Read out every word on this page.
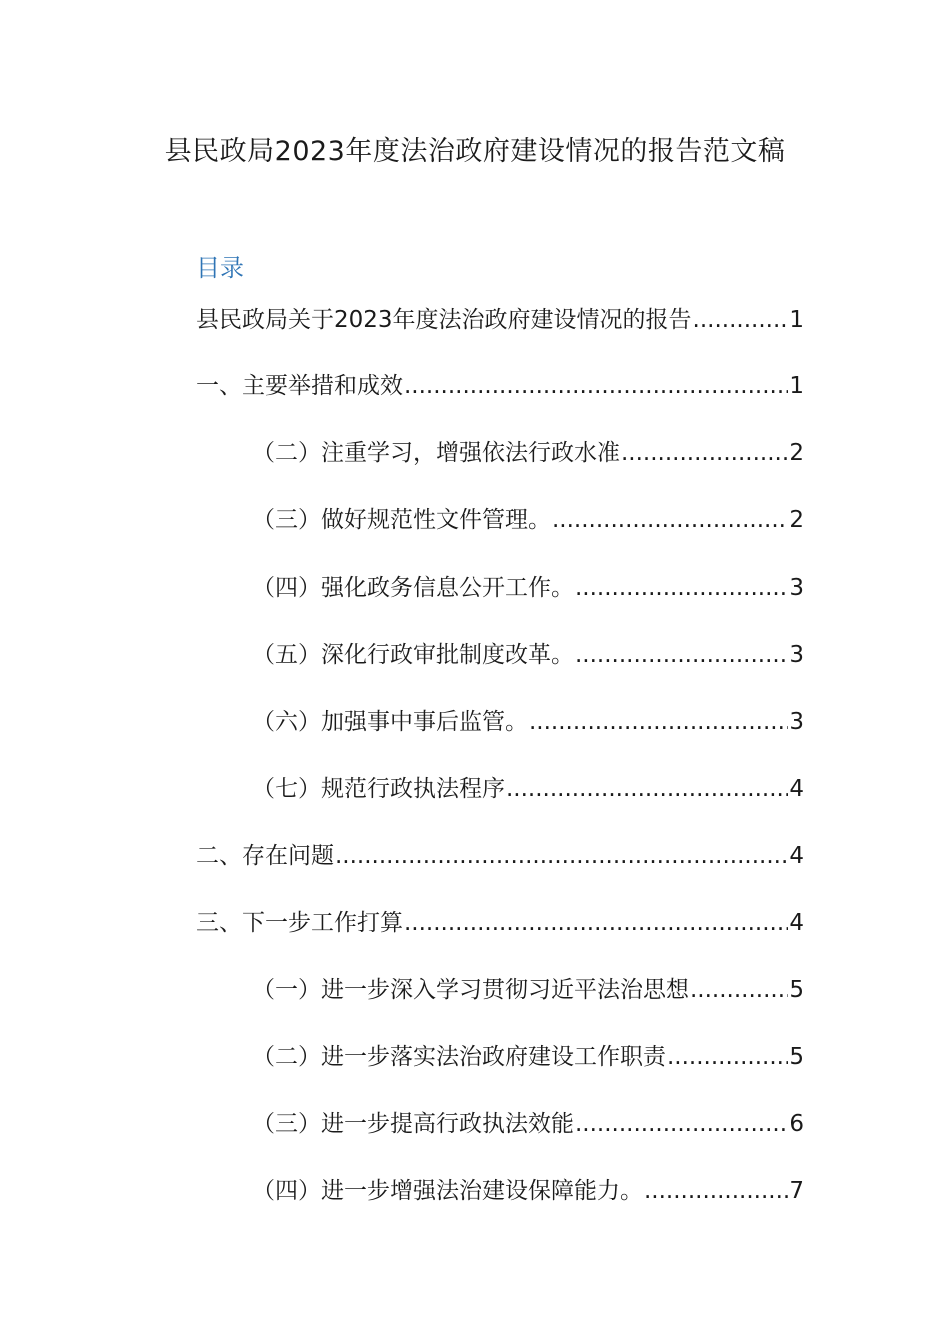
县民政局2023年度法治政府建设情况的报告范文稿
目录
县民政局关于2023年度法治政府建设情况的报告 .....	1
一、主要举措和成效 .....	1
（二）注重学习，增强依法行政水准 .....	2
（三）做好规范性文件管理。 .....	2
（四）强化政务信息公开工作。 .....	3
（五）深化行政审批制度改革。 .....	3
（六）加强事中事后监管。 .....	3
（七）规范行政执法程序 .....	4
二、存在问题 .....	4
三、下一步工作打算 .....	4
（一）进一步深入学习贯彻习近平法治思想 .....	5
（二）进一步落实法治政府建设工作职责 .....	5
（三）进一步提高行政执法效能 .....	6
（四）进一步增强法治建设保障能力。 .....	7
